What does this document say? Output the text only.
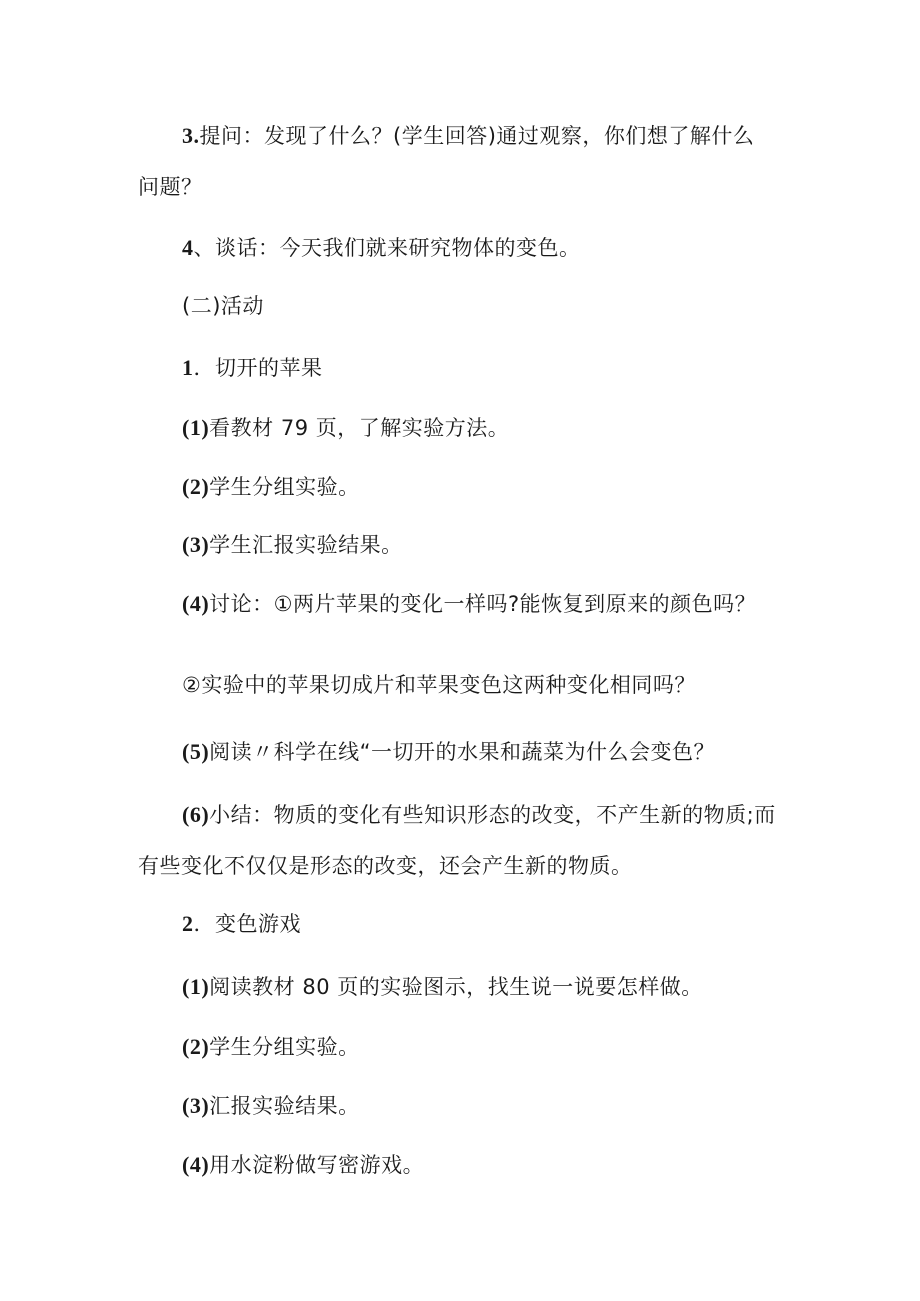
3.提问：发现了什么？(学生回答)通过观察，你们想了解什么
问题？
4、谈话：今天我们就来研究物体的变色。
(二)活动
1．切开的苹果
(1)看教材 79 页，了解实验方法。
(2)学生分组实验。
(3)学生汇报实验结果。
(4)讨论：①两片苹果的变化一样吗?能恢复到原来的颜色吗？
②实验中的苹果切成片和苹果变色这两种变化相同吗？
(5)阅读〃科学在线“一切开的水果和蔬菜为什么会变色？
(6)小结：物质的变化有些知识形态的改变，不产生新的物质;而
有些变化不仅仅是形态的改变，还会产生新的物质。
2．变色游戏
(1)阅读教材 80 页的实验图示，找生说一说要怎样做。
(2)学生分组实验。
(3)汇报实验结果。
(4)用水淀粉做写密游戏。
